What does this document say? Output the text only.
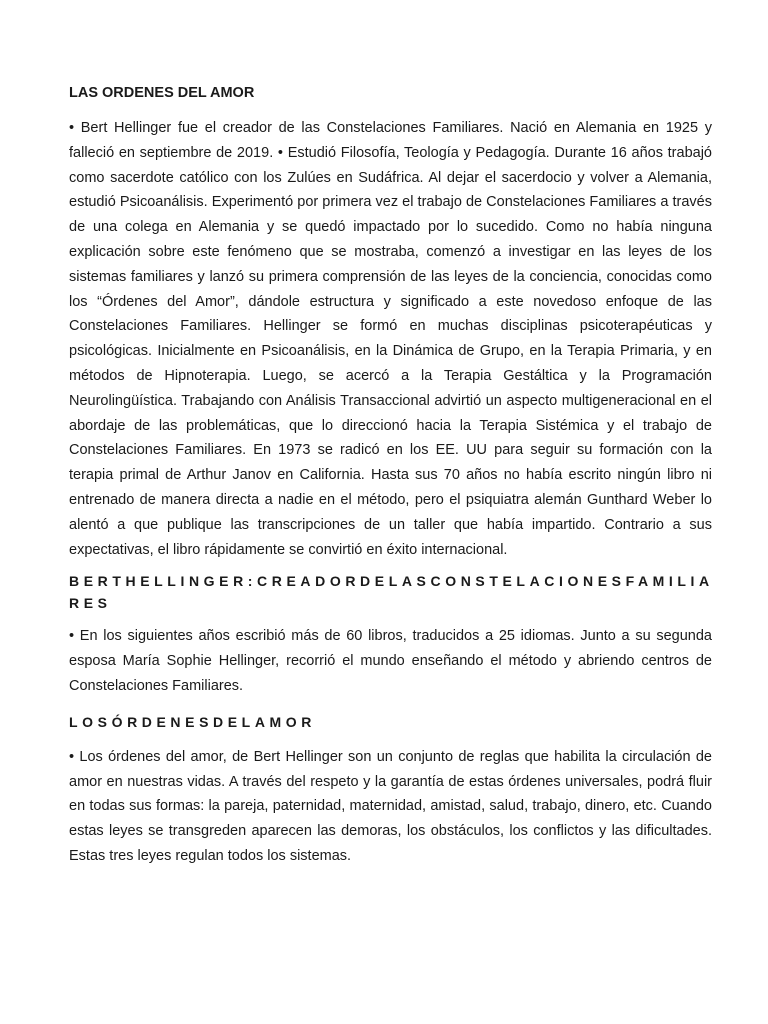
LAS ORDENES DEL AMOR

• Bert Hellinger fue el creador de las Constelaciones Familiares. Nació en Alemania en 1925 y falleció en septiembre de 2019. • Estudió Filosofía, Teología y Pedagogía. Durante 16 años trabajó como sacerdote católico con los Zulúes en Sudáfrica. Al dejar el sacerdocio y volver a Alemania, estudió Psicoanálisis. Experimentó por primera vez el trabajo de Constelaciones Familiares a través de una colega en Alemania y se quedó impactado por lo sucedido. Como no había ninguna explicación sobre este fenómeno que se mostraba, comenzó a investigar en las leyes de los sistemas familiares y lanzó su primera comprensión de las leyes de la conciencia, conocidas como los “Órdenes del Amor”, dándole estructura y significado a este novedoso enfoque de las Constelaciones Familiares. Hellinger se formó en muchas disciplinas psicoterapéuticas y psicológicas. Inicialmente en Psicoanálisis, en la Dinámica de Grupo, en la Terapia Primaria, y en métodos de Hipnoterapia. Luego, se acercó a la Terapia Gestáltica y la Programación Neurolingüística. Trabajando con Análisis Transaccional advirtió un aspecto multigeneracional en el abordaje de las problemáticas, que lo direccionó hacia la Terapia Sistémica y el trabajo de Constelaciones Familiares. En 1973 se radicó en los EE. UU para seguir su formación con la terapia primal de Arthur Janov en California. Hasta sus 70 años no había escrito ningún libro ni entrenado de manera directa a nadie en el método, pero el psiquiatra alemán Gunthard Weber lo alentó a que publique las transcripciones de un taller que había impartido. Contrario a sus expectativas, el libro rápidamente se convirtió en éxito internacional.

BERTHELLINGER:CREADORDELASCONSTELACIONESFAMILIARES

• En los siguientes años escribió más de 60 libros, traducidos a 25 idiomas. Junto a su segunda esposa María Sophie Hellinger, recorrió el mundo enseñando el método y abriendo centros de Constelaciones Familiares.

LOSÓRDENESDELAMOR

• Los órdenes del amor, de Bert Hellinger son un conjunto de reglas que habilita la circulación de amor en nuestras vidas. A través del respeto y la garantía de estas órdenes universales, podrá fluir en todas sus formas: la pareja, paternidad, maternidad, amistad, salud, trabajo, dinero, etc. Cuando estas leyes se transgreden aparecen las demoras, los obstáculos, los conflictos y las dificultades. Estas tres leyes regulan todos los sistemas.
